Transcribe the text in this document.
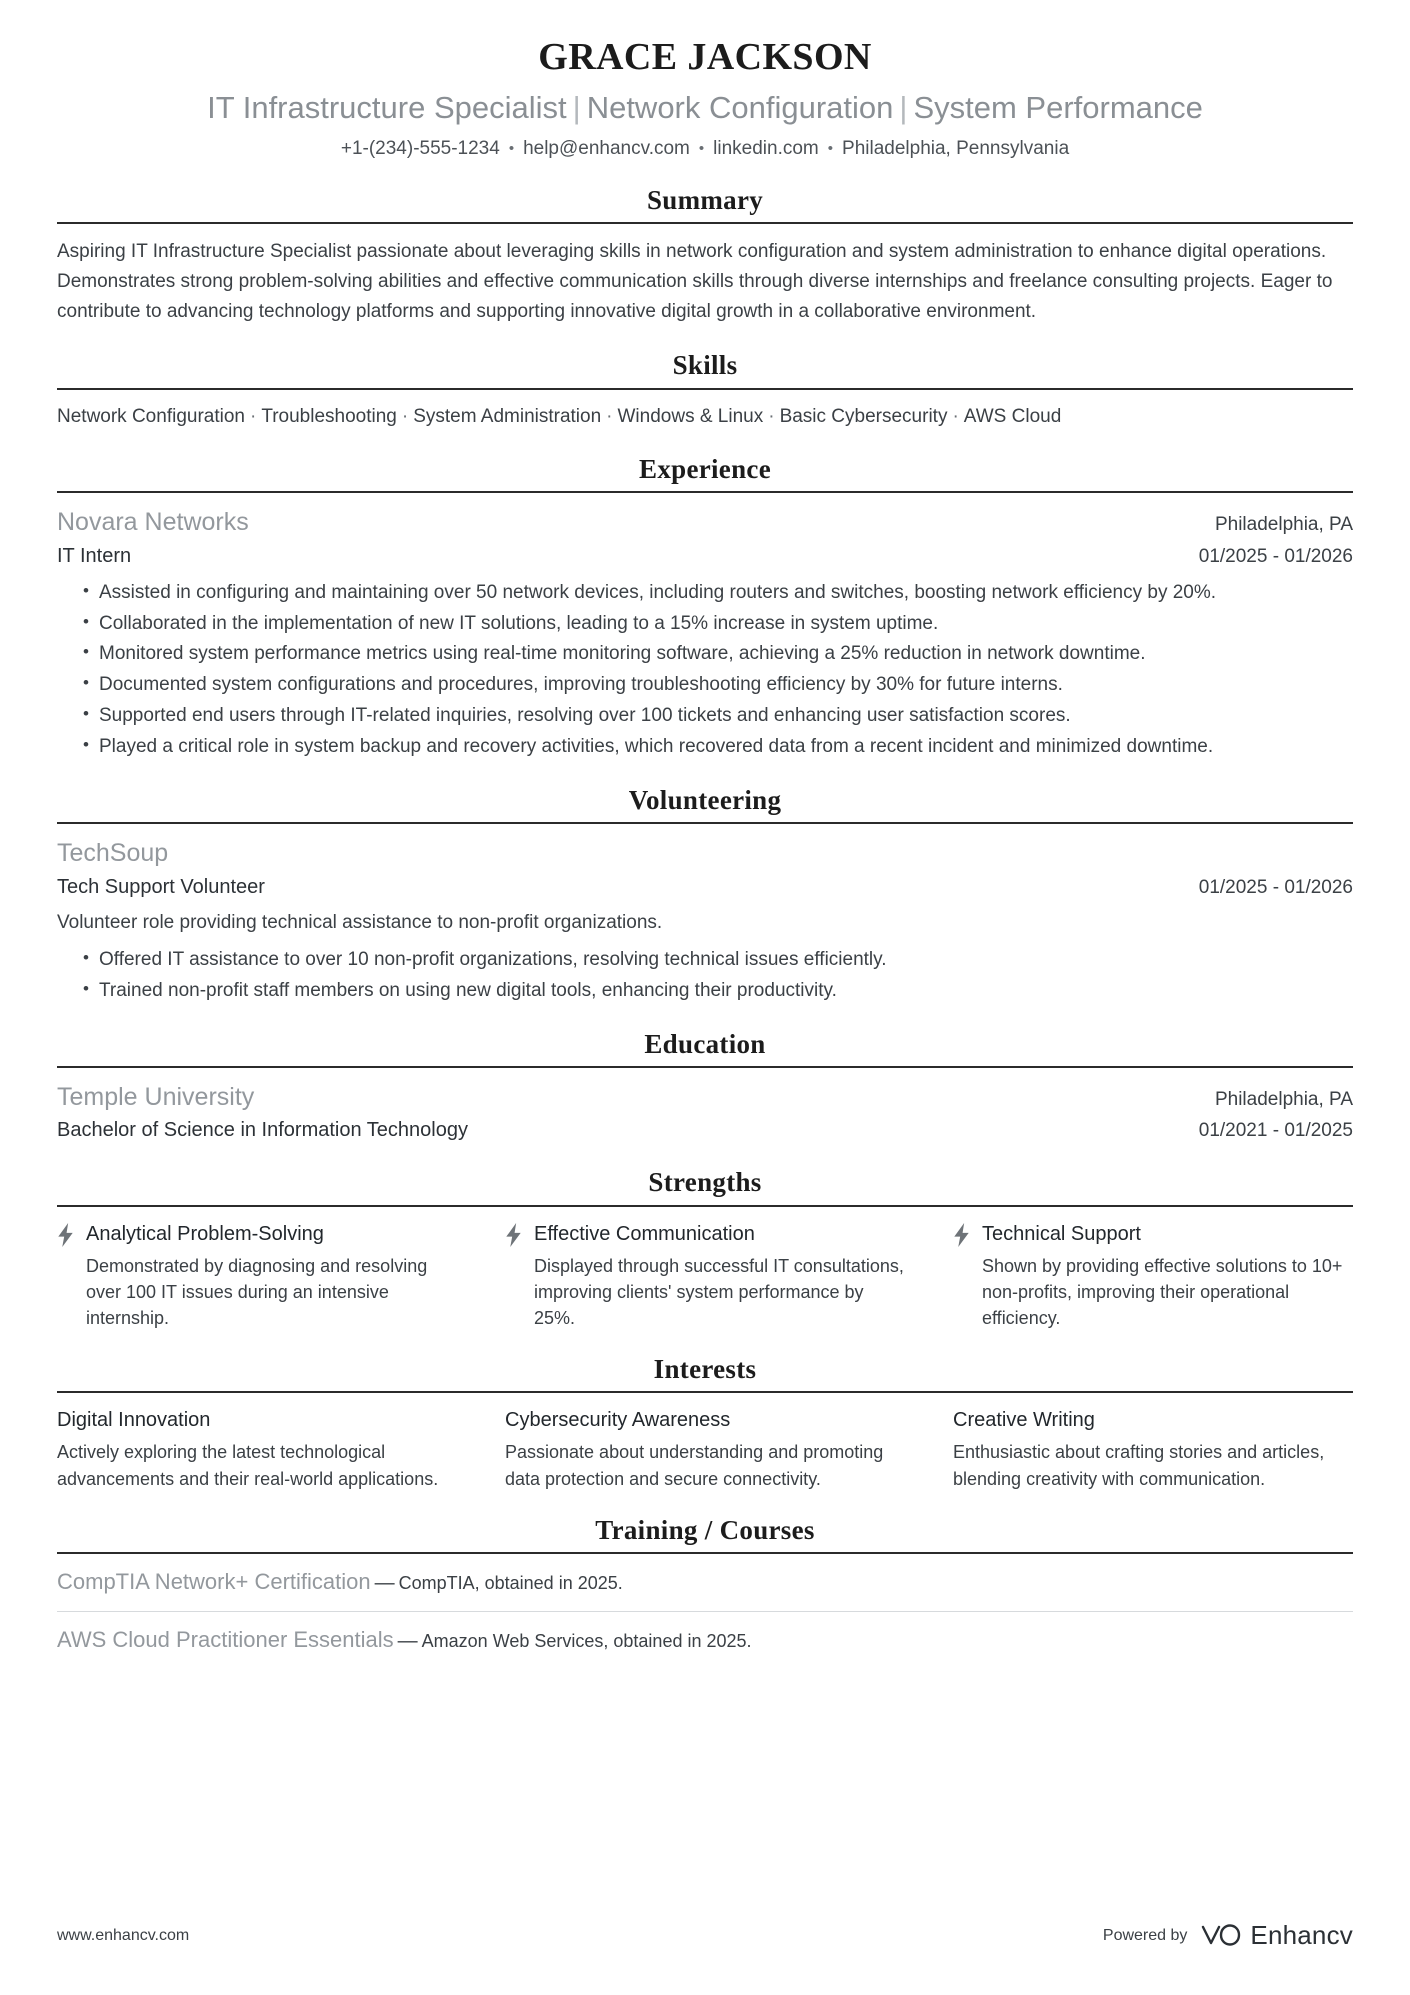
GRACE JACKSON
IT Infrastructure Specialist | Network Configuration | System Performance
+1-(234)-555-1234 • help@enhancv.com • linkedin.com • Philadelphia, Pennsylvania
Summary
Aspiring IT Infrastructure Specialist passionate about leveraging skills in network configuration and system administration to enhance digital operations. Demonstrates strong problem-solving abilities and effective communication skills through diverse internships and freelance consulting projects. Eager to contribute to advancing technology platforms and supporting innovative digital growth in a collaborative environment.
Skills
Network Configuration · Troubleshooting · System Administration · Windows & Linux · Basic Cybersecurity · AWS Cloud
Experience
Novara Networks	Philadelphia, PA
IT Intern	01/2025 - 01/2026
• Assisted in configuring and maintaining over 50 network devices, including routers and switches, boosting network efficiency by 20%.
• Collaborated in the implementation of new IT solutions, leading to a 15% increase in system uptime.
• Monitored system performance metrics using real-time monitoring software, achieving a 25% reduction in network downtime.
• Documented system configurations and procedures, improving troubleshooting efficiency by 30% for future interns.
• Supported end users through IT-related inquiries, resolving over 100 tickets and enhancing user satisfaction scores.
• Played a critical role in system backup and recovery activities, which recovered data from a recent incident and minimized downtime.
Volunteering
TechSoup
Tech Support Volunteer	01/2025 - 01/2026
Volunteer role providing technical assistance to non-profit organizations.
• Offered IT assistance to over 10 non-profit organizations, resolving technical issues efficiently.
• Trained non-profit staff members on using new digital tools, enhancing their productivity.
Education
Temple University	Philadelphia, PA
Bachelor of Science in Information Technology	01/2021 - 01/2025
Strengths
Analytical Problem-Solving
Demonstrated by diagnosing and resolving over 100 IT issues during an intensive internship.
Effective Communication
Displayed through successful IT consultations, improving clients' system performance by 25%.
Technical Support
Shown by providing effective solutions to 10+ non-profits, improving their operational efficiency.
Interests
Digital Innovation
Actively exploring the latest technological advancements and their real-world applications.
Cybersecurity Awareness
Passionate about understanding and promoting data protection and secure connectivity.
Creative Writing
Enthusiastic about crafting stories and articles, blending creativity with communication.
Training / Courses
CompTIA Network+ Certification — CompTIA, obtained in 2025.
AWS Cloud Practitioner Essentials — Amazon Web Services, obtained in 2025.
www.enhancv.com	Powered by Enhancv
